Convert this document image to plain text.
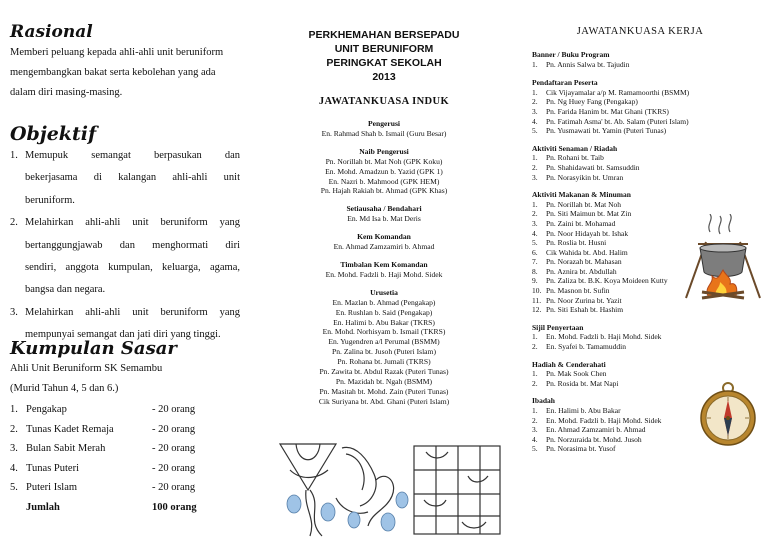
Rasional
Memberi peluang kepada ahli-ahli unit beruniform
mengembangkan bakat serta kebolehan yang ada
dalam diri masing-masing.
Objektif
1. Memupuk semangat berpasukan dan
bekerjasama di kalangan ahli-ahli unit
beruniform.
2. Melahirkan ahli-ahli unit beruniform yang
bertanggungjawab dan menghormati diri
sendiri, anggota kumpulan, keluarga, agama,
bangsa dan negara.
3. Melahirkan ahli-ahli unit beruniform yang
mempunyai semangat dan jati diri yang tinggi.
Kumpulan Sasar
Ahli Unit Beruniform SK Semambu
(Murid Tahun 4, 5 dan 6.)
1. Pengakap	- 20 orang
2. Tunas Kadet Remaja	- 20 orang
3. Bulan Sabit Merah	- 20 orang
4. Tunas Puteri	- 20 orang
5. Puteri Islam	- 20 orang
Jumlah	100 orang
PERKHEMAHAN BERSEPADU
UNIT BERUNIFORM
PERINGKAT SEKOLAH
2013
JAWATANKUASA INDUK
Pengerusi
En. Rahmad Shah b. Ismail (Guru Besar)
Naib Pengerusi
Pn. Norillah bt. Mat Noh (GPK Koku)
En. Mohd. Amadzun b. Yazid (GPK 1)
En. Nazri b. Mahmood (GPK HEM)
Pn. Hajah Rakiah bt. Ahmad (GPK Khas)
Setiausaha / Bendahari
En. Md Isa b. Mat Deris
Kem Komandan
En. Ahmad Zamzamiri b. Ahmad
Timbalan Kem Komandan
En. Mohd. Fadzli b. Haji Mohd. Sidek
Urusetia
En. Mazlan b. Ahmad (Pengakap)
En. Rushlan b. Said (Pengakap)
En. Halimi b. Abu Bakar (TKRS)
En. Mohd. Norhisyam b. Ismail (TKRS)
En. Yugendren a/l Perumal (BSMM)
Pn. Zalina bt. Jusoh (Puteri Islam)
Pn. Rohana bt. Jumali (TKRS)
Pn. Zawita bt. Abdul Razak (Puteri Tunas)
Pn. Mazidah bt. Ngah (BSMM)
Pn. Masitah bt. Mohd. Zain (Puteri Tunas)
Cik Suriyana bt. Abd. Ghani (Puteri Islam)
JAWATANKUASA KERJA
Banner / Buku Program
1.	Pn. Annis Salwa bt. Tajudin
Pendaftaran Peserta
1.	Cik Vijayamalar a/p M. Ramamoorthi (BSMM)
2.	Pn. Ng Huey Fang (Pengakap)
3.	Pn. Farida Hanim bt. Mat Ghani (TKRS)
4.	Pn. Fatimah Asma' bt. Ab. Salam (Puteri Islam)
5.	Pn. Yusmawati bt. Yamin (Puteri Tunas)
Aktiviti Senaman / Riadah
1.	Pn. Rohani bt. Taib
2.	Pn. Shahidawati bt. Samsuddin
3.	Pn. Norasyikin bt. Umran
Aktiviti Makanan & Minuman
1.	Pn. Norillah bt. Mat Noh
2.	Pn. Siti Maimun bt. Mat Zin
3.	Pn. Zaini bt. Mohamad
4.	Pn. Noor Hidayah bt. Ishak
5.	Pn. Roslia bt. Husni
6.	Cik Wahida bt. Abd. Halim
7.	Pn. Norazah bt. Mahasan
8.	Pn. Aznira bt. Abdullah
9.	Pn. Zaliza bt. B.K. Koya Moideen Kutty
10. Pn. Masnon bt. Sufin
11. Pn. Noor Zurina bt. Yazit
12. Pn. Siti Eshah bt. Hashim
Sijil Penyertaan
1.	En. Mohd. Fadzli b. Haji Mohd. Sidek
2.	En. Syafei b. Tamamuddin
Hadiah & Cenderahati
1.	Pn. Mak Sook Chen
2.	Pn. Rosida bt. Mat Napi
Ibadah
1.	En. Halimi b. Abu Bakar
2.	En. Mohd. Fadzli b. Haji Mohd. Sidek
3.	En. Ahmad Zamzamiri b. Ahmad
4.	Pn. Norzuraida bt. Mohd. Jusoh
5.	Pn. Norasima bt. Yusof
